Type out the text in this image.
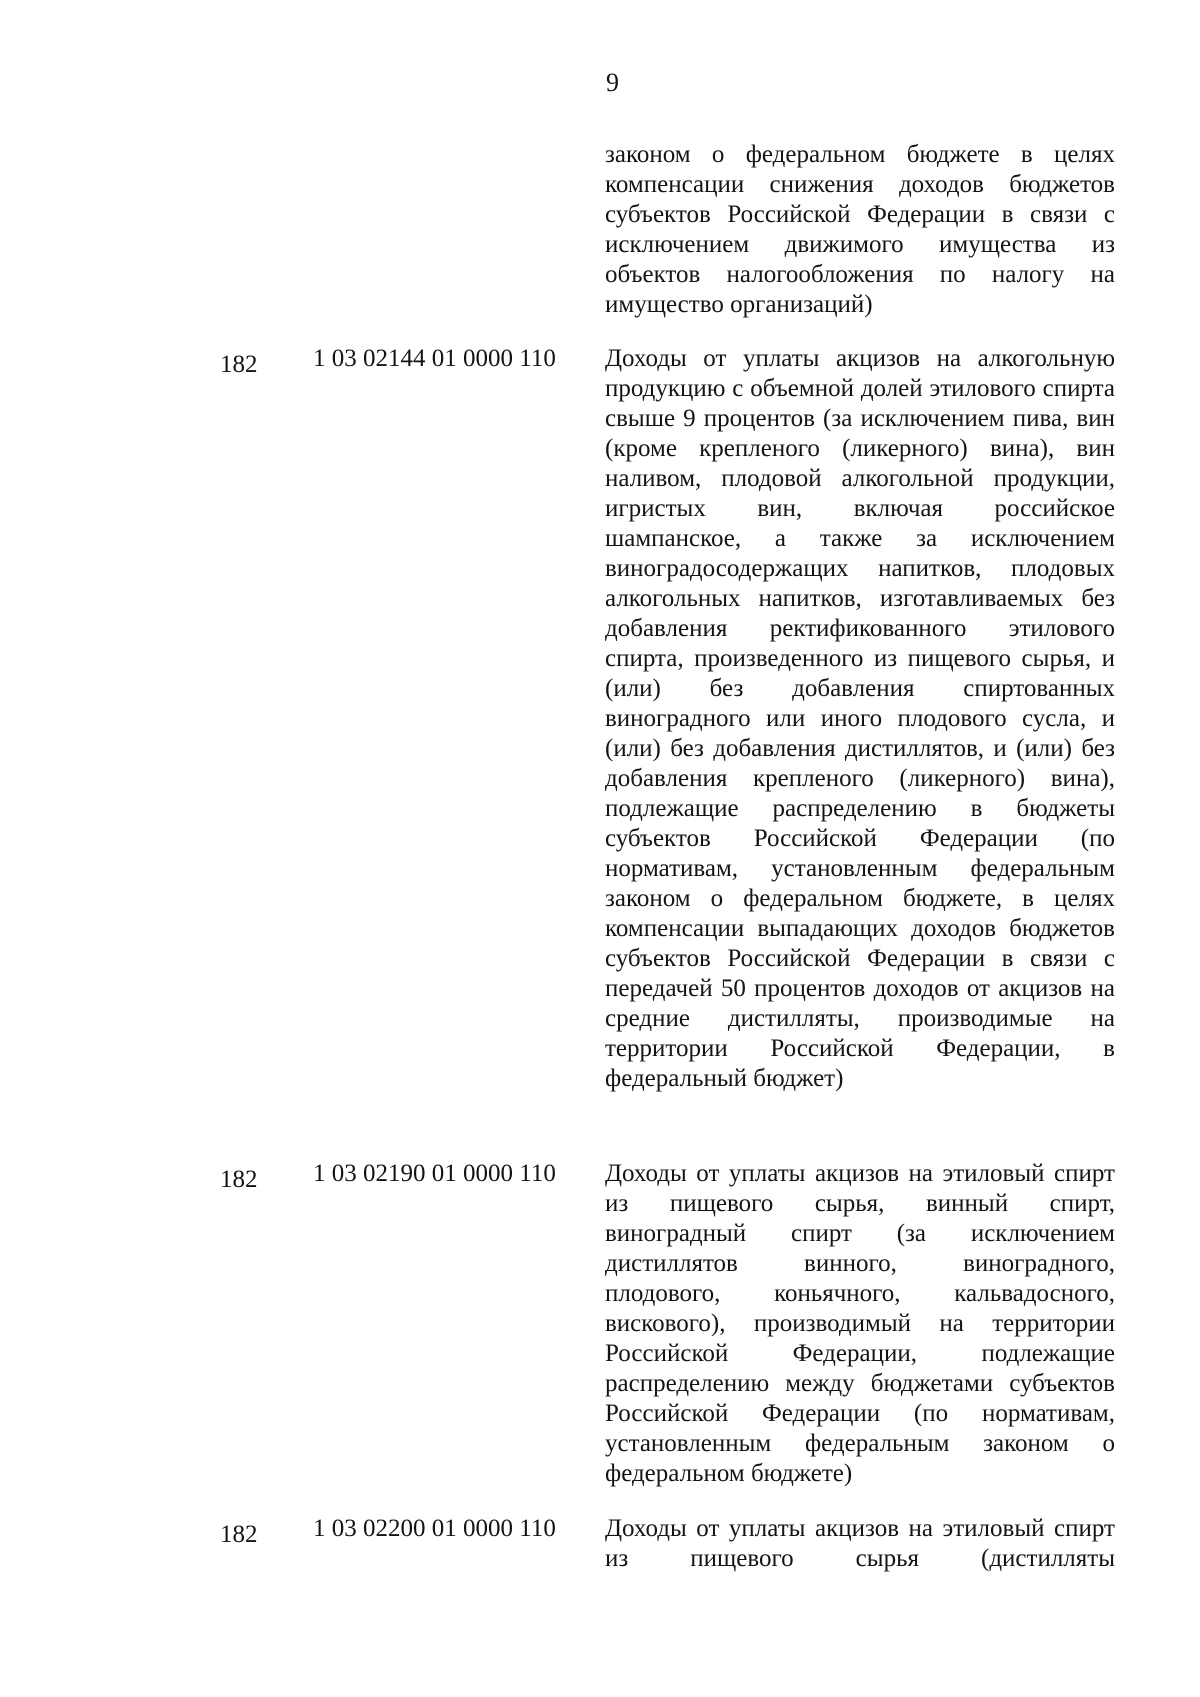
9
законом о федеральном бюджете в целях компенсации снижения доходов бюджетов субъектов Российской Федерации в связи с исключением движимого имущества из объектов налогообложения по налогу на имущество организаций)
182 1 03 02144 01 0000 110 Доходы от уплаты акцизов на алкогольную продукцию с объемной долей этилового спирта свыше 9 процентов (за исключением пива, вин (кроме крепленого (ликерного) вина), вин наливом, плодовой алкогольной продукции, игристых вин, включая российское шампанское, а также за исключением виноградосодержащих напитков, плодовых алкогольных напитков, изготавливаемых без добавления ректификованного этилового спирта, произведенного из пищевого сырья, и (или) без добавления спиртованных виноградного или иного плодового сусла, и (или) без добавления дистиллятов, и (или) без добавления крепленого (ликерного) вина), подлежащие распределению в бюджеты субъектов Российской Федерации (по нормативам, установленным федеральным законом о федеральном бюджете, в целях компенсации выпадающих доходов бюджетов субъектов Российской Федерации в связи с передачей 50 процентов доходов от акцизов на средние дистилляты, производимые на территории Российской Федерации, в федеральный бюджет)
182 1 03 02190 01 0000 110 Доходы от уплаты акцизов на этиловый спирт из пищевого сырья, винный спирт, виноградный спирт (за исключением дистиллятов винного, виноградного, плодового, коньячного, кальвадосного, вискового), производимый на территории Российской Федерации, подлежащие распределению между бюджетами субъектов Российской Федерации (по нормативам, установленным федеральным законом о федеральном бюджете)
182 1 03 02200 01 0000 110 Доходы от уплаты акцизов на этиловый спирт из пищевого сырья (дистилляты
